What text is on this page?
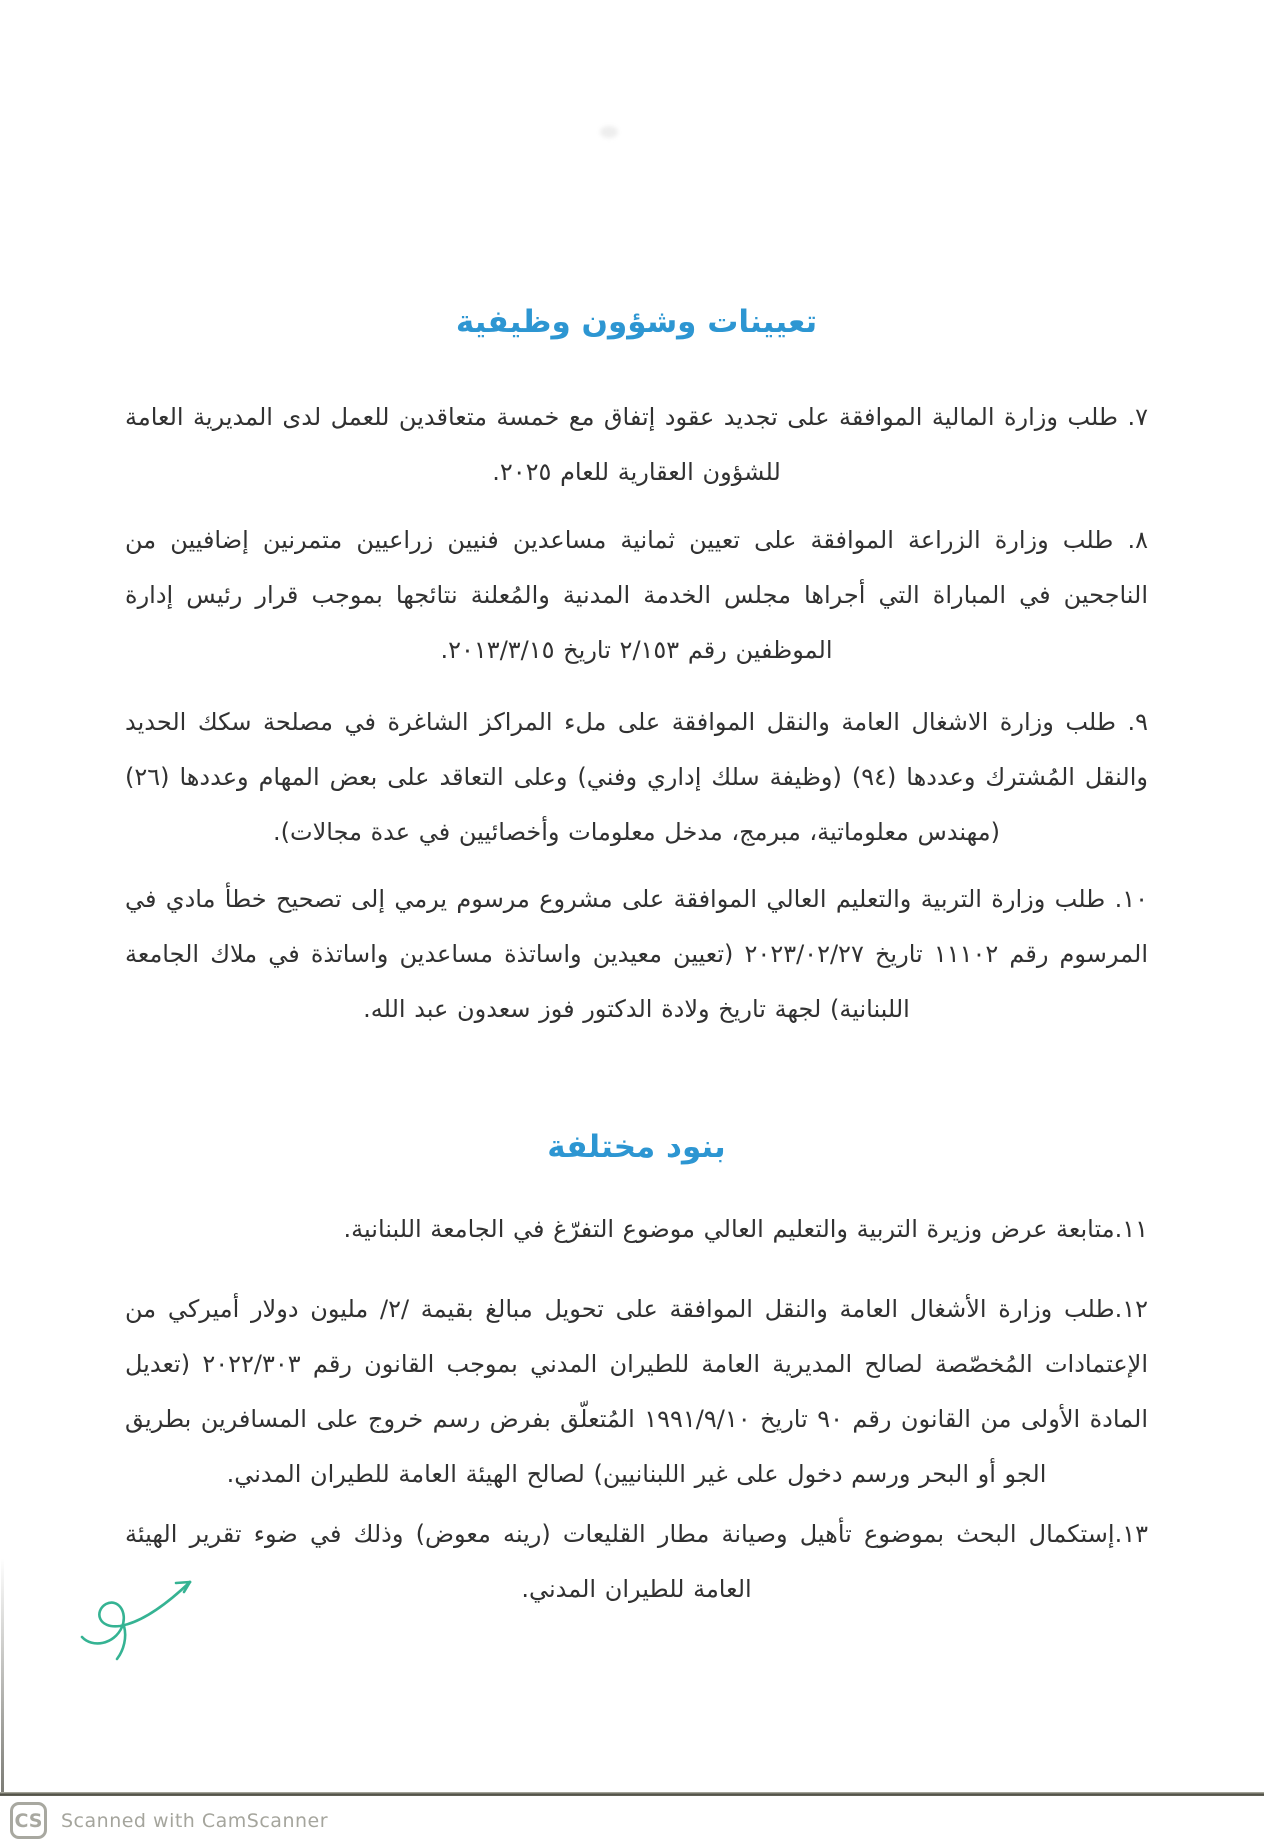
تعيينات وشؤون وظيفية

٧. طلب وزارة المالية الموافقة على تجديد عقود إتفاق مع خمسة متعاقدين للعمل لدى المديرية العامة للشؤون العقارية للعام ٢٠٢٥.

٨. طلب وزارة الزراعة الموافقة على تعيين ثمانية مساعدين فنيين زراعيين متمرنين إضافيين من الناجحين في المباراة التي أجراها مجلس الخدمة المدنية والمُعلنة نتائجها بموجب قرار رئيس إدارة الموظفين رقم ٢/١٥٣ تاريخ ٢٠١٣/٣/١٥.

٩. طلب وزارة الاشغال العامة والنقل الموافقة على ملء المراكز الشاغرة في مصلحة سكك الحديد والنقل المُشترك وعددها (٩٤) (وظيفة سلك إداري وفني) وعلى التعاقد على بعض المهام وعددها (٢٦) (مهندس معلوماتية، مبرمج، مدخل معلومات وأخصائيين في عدة مجالات).

١٠. طلب وزارة التربية والتعليم العالي الموافقة على مشروع مرسوم يرمي إلى تصحيح خطأ مادي في المرسوم رقم ١١١٠٢ تاريخ ٢٠٢٣/٠٢/٢٧ (تعيين معيدين واساتذة مساعدين واساتذة في ملاك الجامعة اللبنانية) لجهة تاريخ ولادة الدكتور فوز سعدون عبد الله.

بنود مختلفة

١١.متابعة عرض وزيرة التربية والتعليم العالي موضوع التفرّغ في الجامعة اللبنانية.

١٢.طلب وزارة الأشغال العامة والنقل الموافقة على تحويل مبالغ بقيمة /٢/ مليون دولار أميركي من الإعتمادات المُخصّصة لصالح المديرية العامة للطيران المدني بموجب القانون رقم ٢٠٢٢/٣٠٣ (تعديل المادة الأولى من القانون رقم ٩٠ تاريخ ١٩٩١/٩/١٠ المُتعلّق بفرض رسم خروج على المسافرين بطريق الجو أو البحر ورسم دخول على غير اللبنانيين) لصالح الهيئة العامة للطيران المدني.

١٣.إستكمال البحث بموضوع تأهيل وصيانة مطار القليعات (رينه معوض) وذلك في ضوء تقرير الهيئة العامة للطيران المدني.

CS Scanned with CamScanner
